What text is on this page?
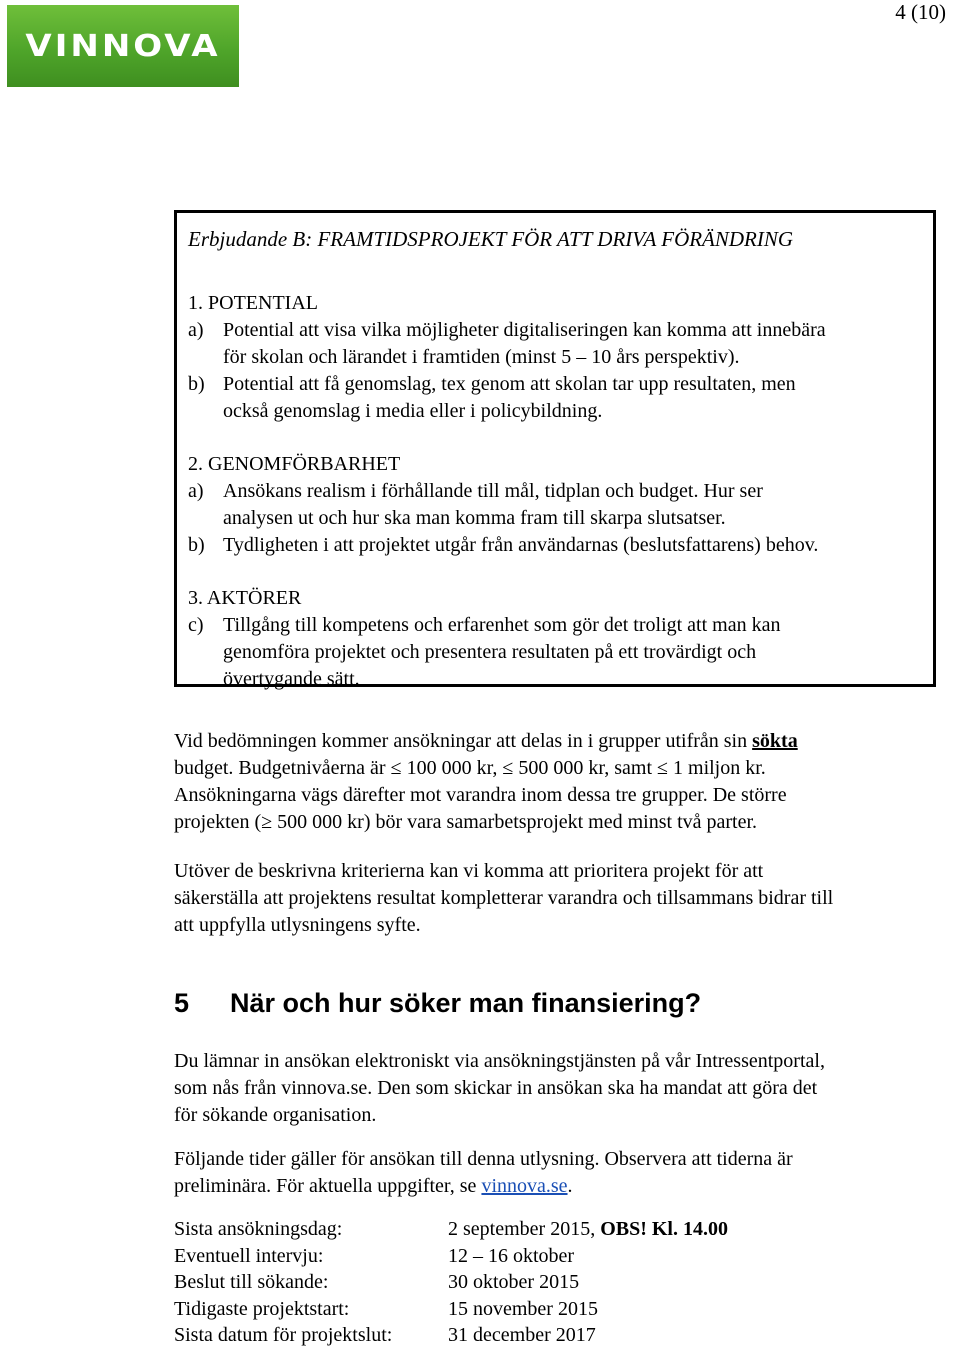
VINNOVA
4 (10)
Erbjudande B: FRAMTIDSPROJEKT FÖR ATT DRIVA FÖRÄNDRING
1. POTENTIAL
a) Potential att visa vilka möjligheter digitaliseringen kan komma att innebära
för skolan och lärandet i framtiden (minst 5 – 10 års perspektiv).
b) Potential att få genomslag, tex genom att skolan tar upp resultaten, men
också genomslag i media eller i policybildning.
2. GENOMFÖRBARHET
a) Ansökans realism i förhållande till mål, tidplan och budget. Hur ser
analysen ut och hur ska man komma fram till skarpa slutsatser.
b) Tydligheten i att projektet utgår från användarnas (beslutsfattarens) behov.
3. AKTÖRER
c) Tillgång till kompetens och erfarenhet som gör det troligt att man kan
genomföra projektet och presentera resultaten på ett trovärdigt och
övertygande sätt.
Vid bedömningen kommer ansökningar att delas in i grupper utifrån sin sökta
budget. Budgetnivåerna är ≤ 100 000 kr, ≤ 500 000 kr, samt ≤ 1 miljon kr.
Ansökningarna vägs därefter mot varandra inom dessa tre grupper. De större
projekten (≥ 500 000 kr) bör vara samarbetsprojekt med minst två parter.
Utöver de beskrivna kriterierna kan vi komma att prioritera projekt för att
säkerställa att projektens resultat kompletterar varandra och tillsammans bidrar till
att uppfylla utlysningens syfte.
5 När och hur söker man finansiering?
Du lämnar in ansökan elektroniskt via ansökningstjänsten på vår Intressentportal,
som nås från vinnova.se. Den som skickar in ansökan ska ha mandat att göra det
för sökande organisation.
Följande tider gäller för ansökan till denna utlysning. Observera att tiderna är
preliminära. För aktuella uppgifter, se vinnova.se.
Sista ansökningsdag:	2 september 2015, OBS! Kl. 14.00
Eventuell intervju:	12 – 16 oktober
Beslut till sökande:	30 oktober 2015
Tidigaste projektstart:	15 november 2015
Sista datum för projektslut:	31 december 2017
